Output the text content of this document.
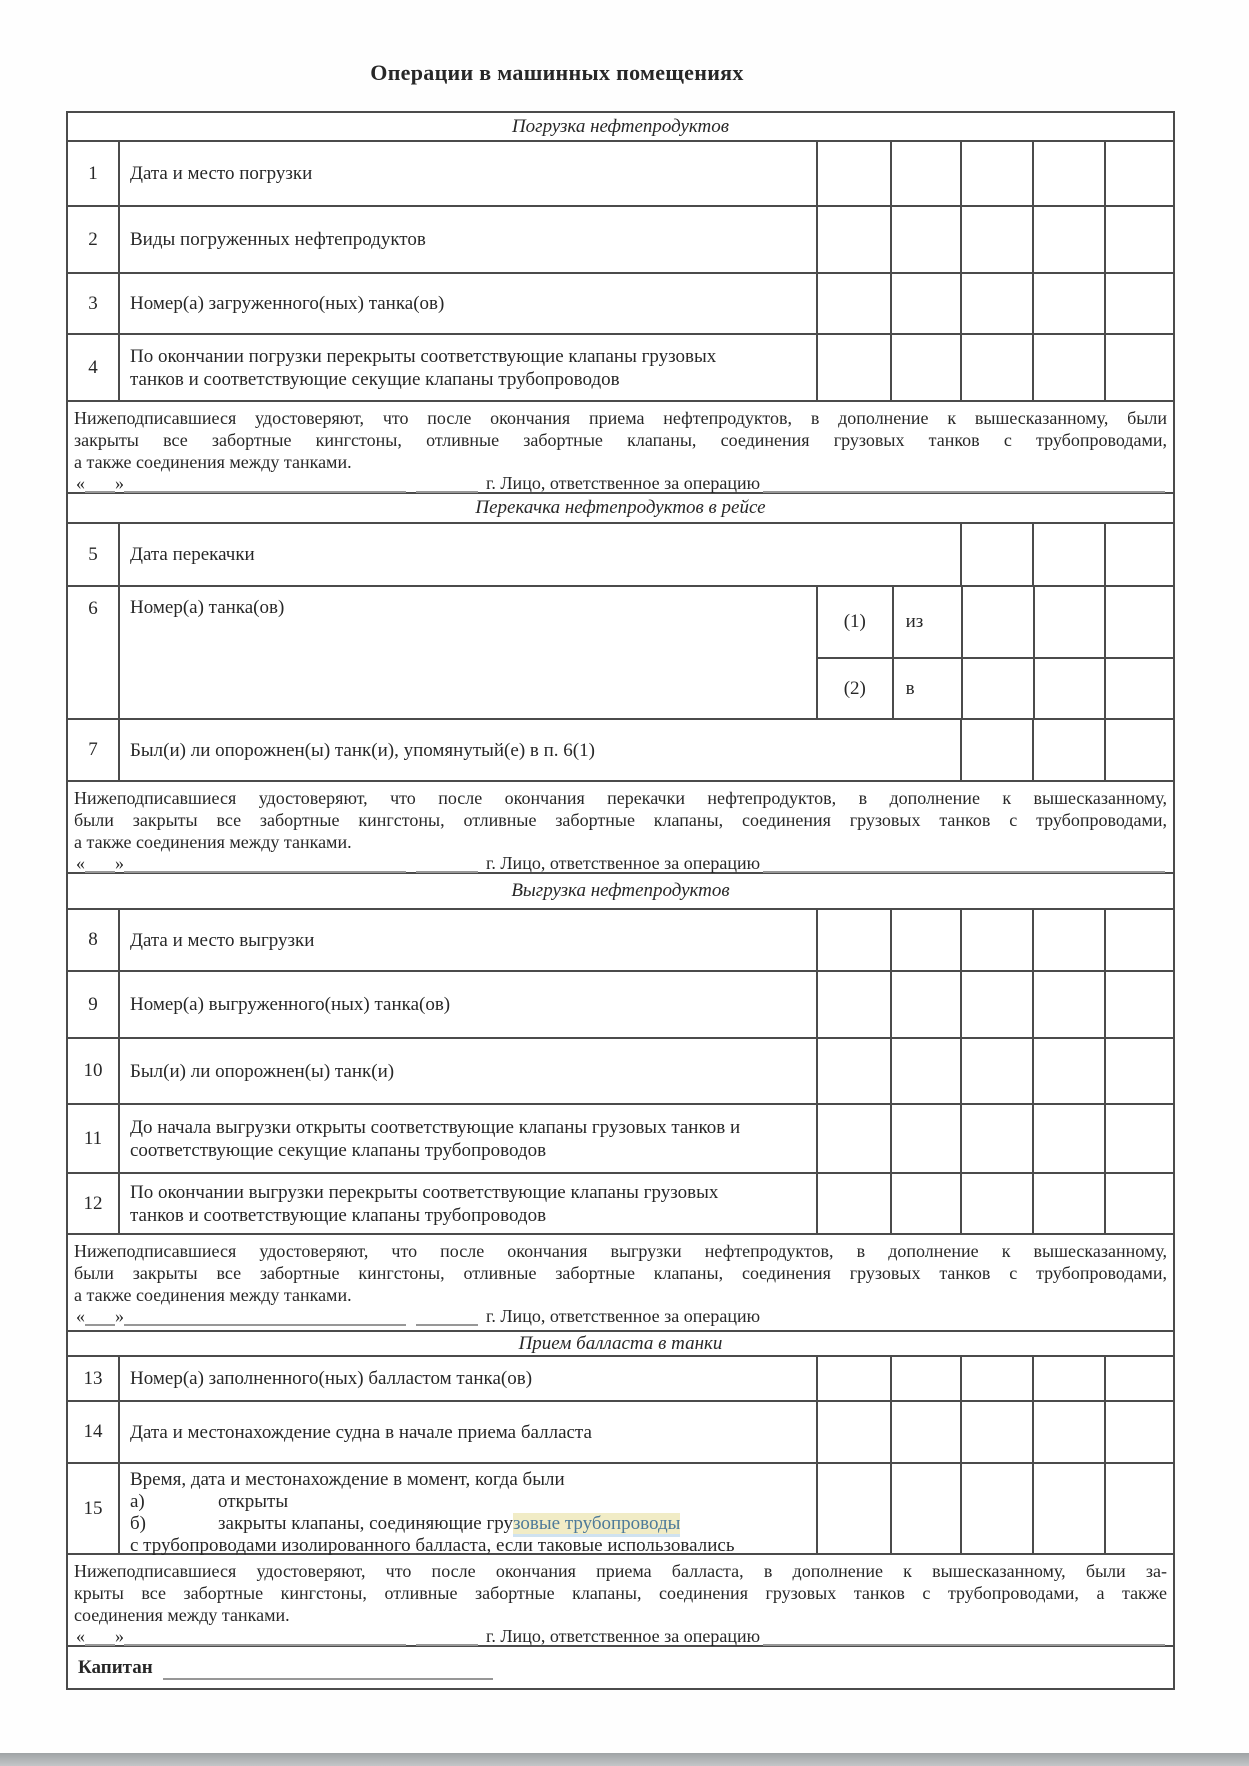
Операции в машинных помещениях
Погрузка нефтепродуктов
1 Дата и место погрузки
2 Виды погруженных нефтепродуктов
3 Номер(а) загруженного(ных) танка(ов)
4
По окончании погрузки перекрыты соответствующие клапаны грузовых
танков и соответствующие секущие клапаны трубопроводов
Нижеподписавшиеся удостоверяют, что после окончания приема нефтепродуктов, в дополнение к вышесказанному, были
закрыты все забортные кингстоны, отливные забортные клапаны, соединения грузовых танков с трубопроводами,
а также соединения между танками.
« »	г. Лицо, ответственное за операцию
Перекачка нефтепродуктов в рейсе
5 Дата перекачки
6 Номер(а) танка(ов)
(1) из
(2) в
7 Был(и) ли опорожнен(ы) танк(и), упомянутый(е) в п. 6(1)
Нижеподписавшиеся удостоверяют, что после окончания перекачки нефтепродуктов, в дополнение к вышесказанному,
были закрыты все забортные кингстоны, отливные забортные клапаны, соединения грузовых танков с трубопроводами,
а также соединения между танками.
« »	г. Лицо, ответственное за операцию
Выгрузка нефтепродуктов
8 Дата и место выгрузки
9 Номер(а) выгруженного(ных) танка(ов)
10 Был(и) ли опорожнен(ы) танк(и)
11
До начала выгрузки открыты соответствующие клапаны грузовых танков и
соответствующие секущие клапаны трубопроводов
12
По окончании выгрузки перекрыты соответствующие клапаны грузовых
танков и соответствующие клапаны трубопроводов
Нижеподписавшиеся удостоверяют, что после окончания выгрузки нефтепродуктов, в дополнение к вышесказанному,
были закрыты все забортные кингстоны, отливные забортные клапаны, соединения грузовых танков с трубопроводами,
а также соединения между танками.
« »	г. Лицо, ответственное за операцию
Прием балласта в танки
13 Номер(а) заполненного(ных) балластом танка(ов)
14 Дата и местонахождение судна в начале приема балласта
15
Время, дата и местонахождение в момент, когда были
а)	открыты
б)	закрыты клапаны, соединяющие грузовые трубопроводы
с трубопроводами изолированного балласта, если таковые использовались
Нижеподписавшиеся удостоверяют, что после окончания приема балласта, в дополнение к вышесказанному, были за-
крыты все забортные кингстоны, отливные забортные клапаны, соединения грузовых танков с трубопроводами, а также
соединения между танками.
« »	г. Лицо, ответственное за операцию
Капитан
